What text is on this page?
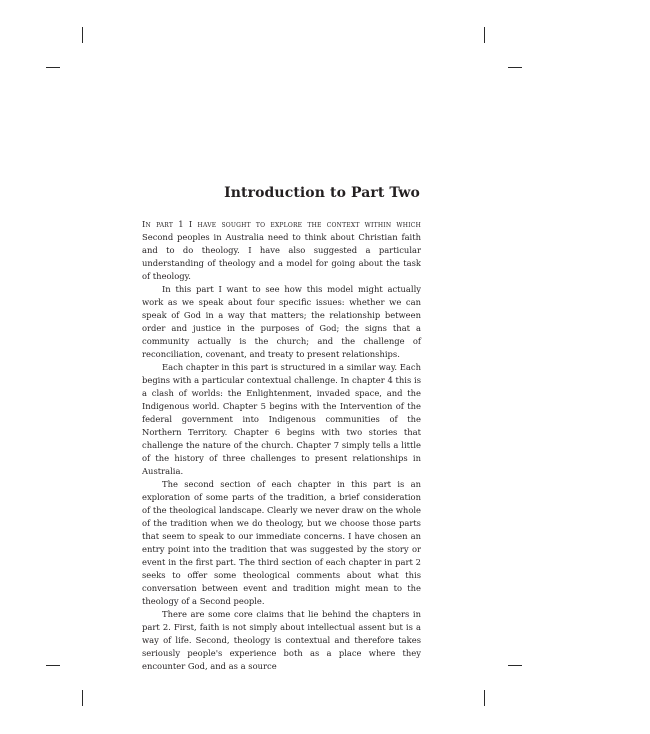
Introduction to Part Two

In part 1 I have sought to explore the context within which Second peoples in Australia need to think about Christian faith and to do theology. I have also suggested a particular understanding of theology and a model for going about the task of theology.

In this part I want to see how this model might actually work as we speak about four specific issues: whether we can speak of God in a way that matters; the relationship between order and justice in the purposes of God; the signs that a community actually is the church; and the challenge of reconciliation, covenant, and treaty to present relationships.

Each chapter in this part is structured in a similar way. Each begins with a particular contextual challenge. In chapter 4 this is a clash of worlds: the Enlightenment, invaded space, and the Indigenous world. Chapter 5 begins with the Intervention of the federal government into Indigenous communities of the Northern Territory. Chapter 6 begins with two stories that challenge the nature of the church. Chapter 7 simply tells a little of the history of three challenges to present relationships in Australia.

The second section of each chapter in this part is an exploration of some parts of the tradition, a brief consideration of the theological landscape. Clearly we never draw on the whole of the tradition when we do theology, but we choose those parts that seem to speak to our immediate concerns. I have chosen an entry point into the tradition that was suggested by the story or event in the first part. The third section of each chapter in part 2 seeks to offer some theological comments about what this conversation between event and tradition might mean to the theology of a Second people.

There are some core claims that lie behind the chapters in part 2. First, faith is not simply about intellectual assent but is a way of life. Second, theology is contextual and therefore takes seriously people's experience both as a place where they encounter God, and as a source
